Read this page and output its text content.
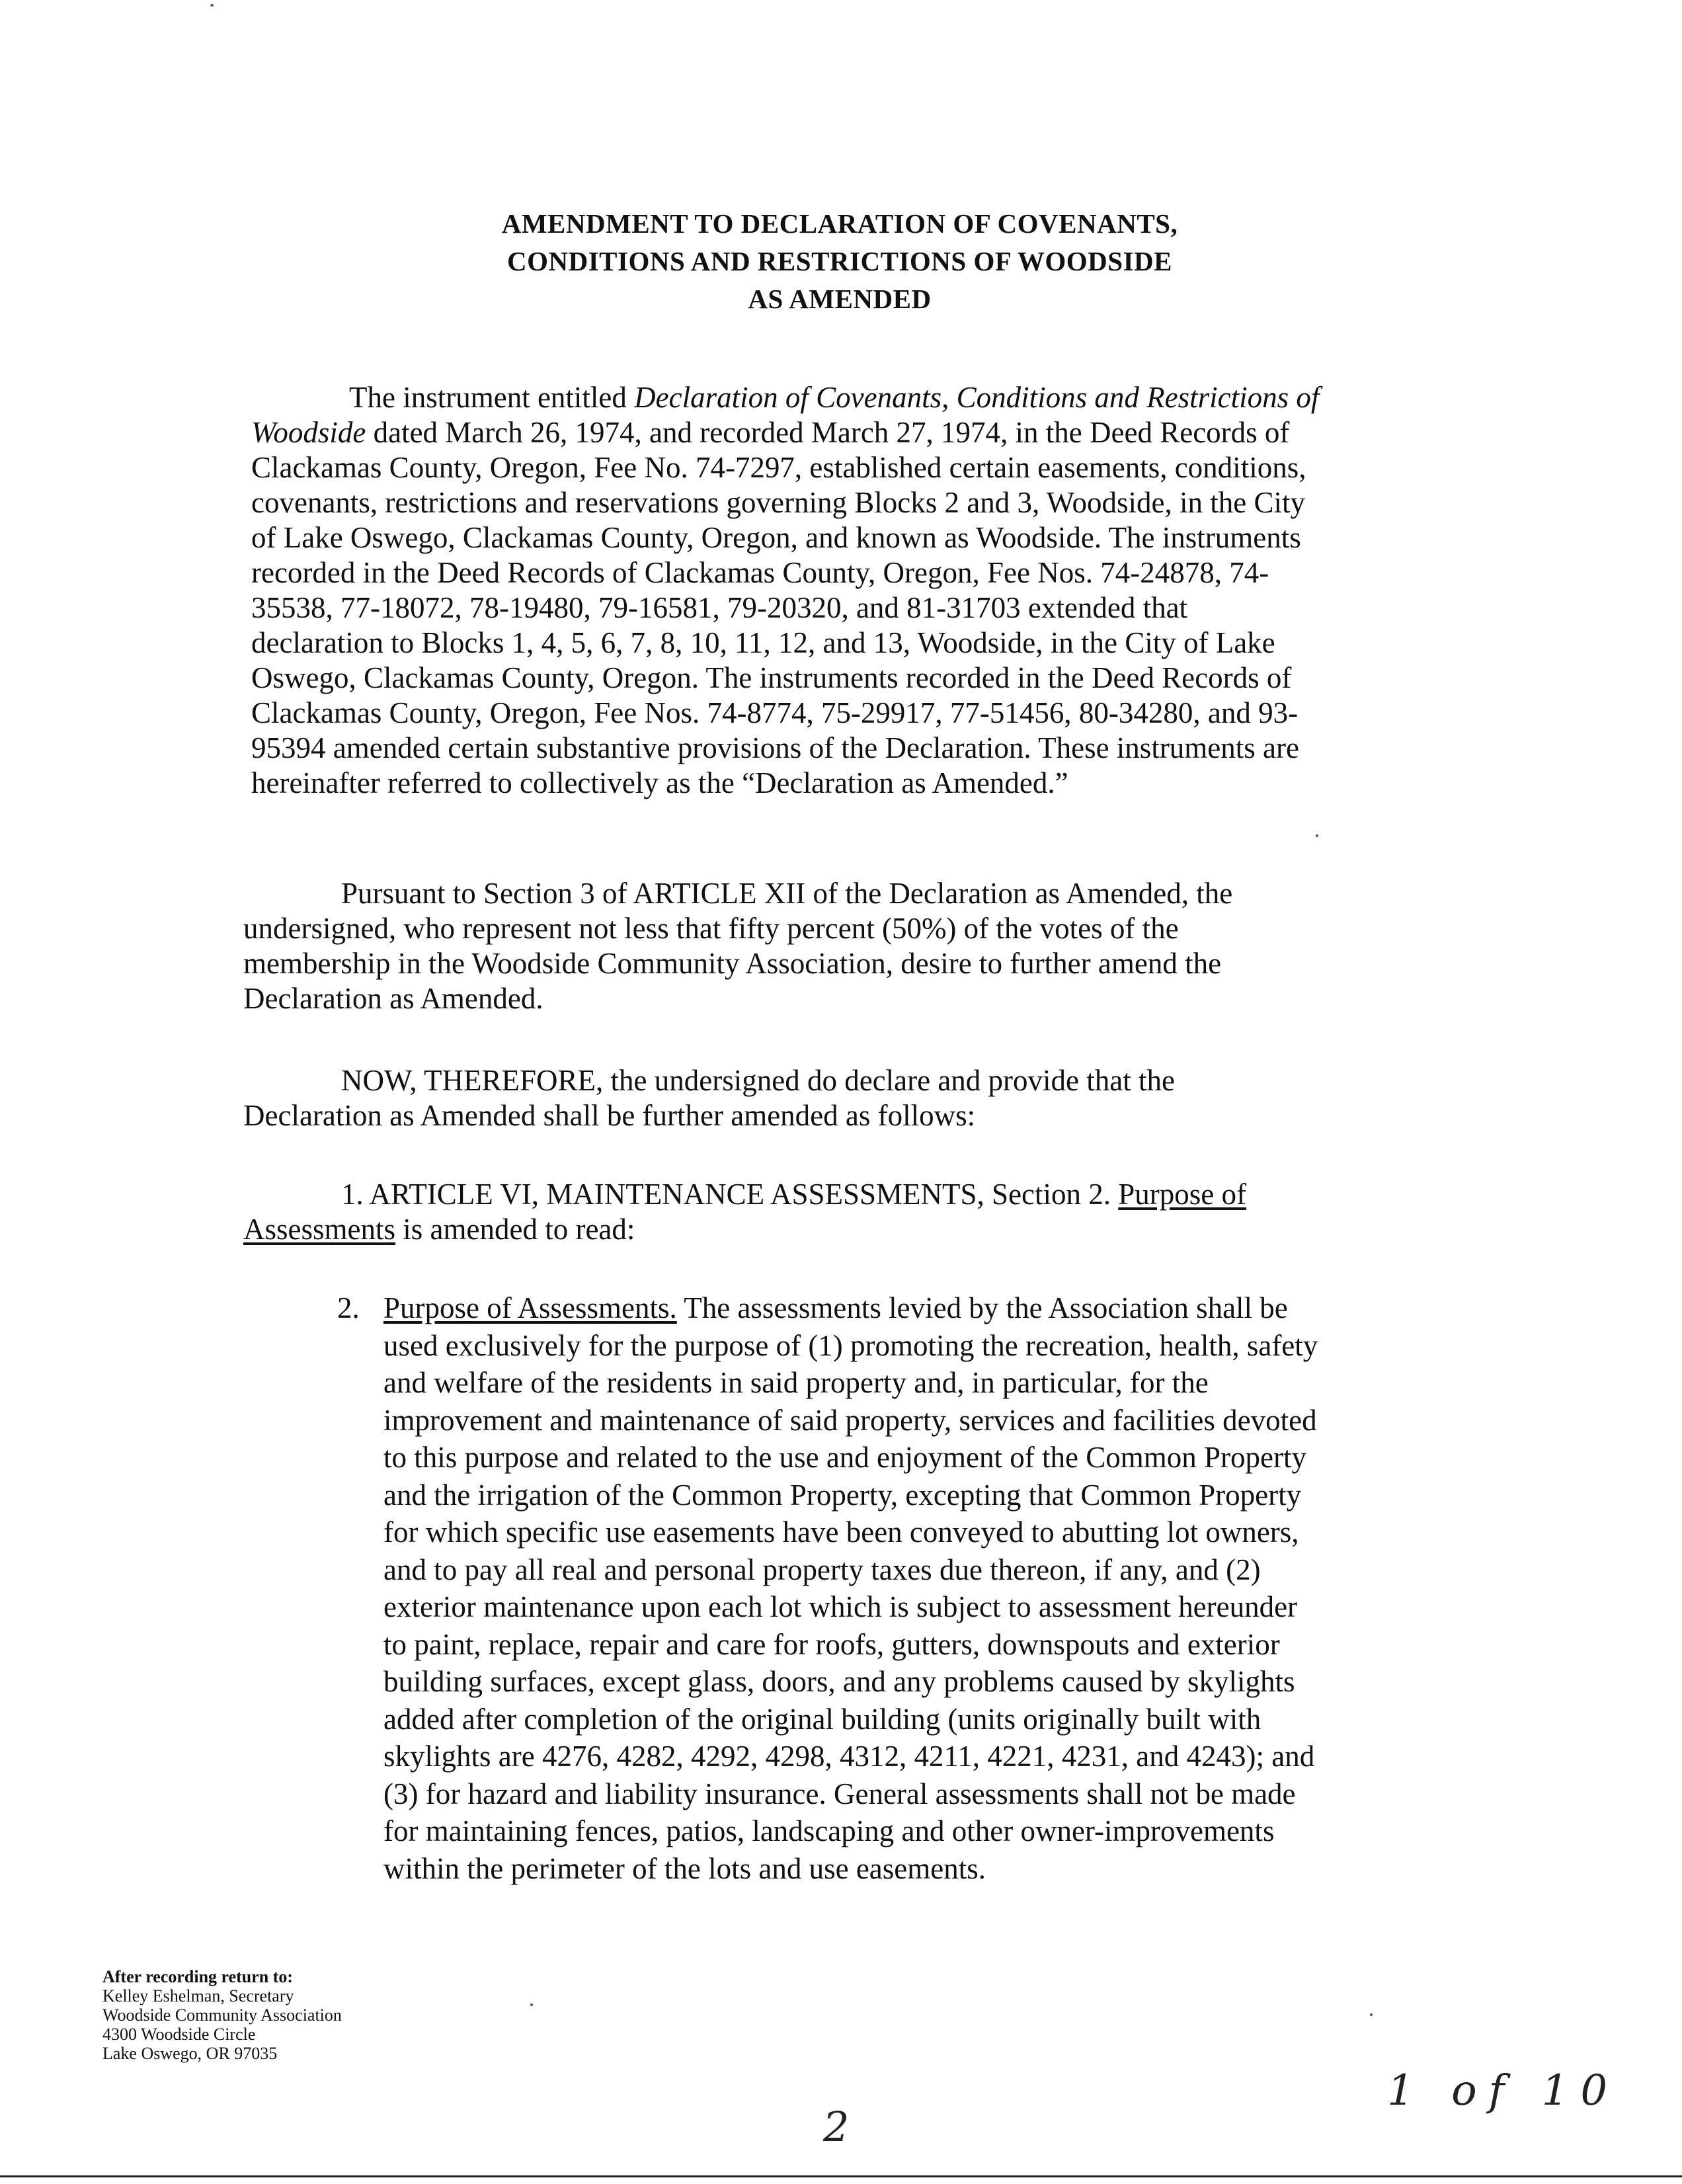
AMENDMENT TO DECLARATION OF COVENANTS,
CONDITIONS AND RESTRICTIONS OF WOODSIDE
AS AMENDED
The instrument entitled Declaration of Covenants, Conditions and Restrictions of
Woodside dated March 26, 1974, and recorded March 27, 1974, in the Deed Records of
Clackamas County, Oregon, Fee No. 74-7297, established certain easements, conditions,
covenants, restrictions and reservations governing Blocks 2 and 3, Woodside, in the City
of Lake Oswego, Clackamas County, Oregon, and known as Woodside. The instruments
recorded in the Deed Records of Clackamas County, Oregon, Fee Nos. 74-24878, 74-
35538, 77-18072, 78-19480, 79-16581, 79-20320, and 81-31703 extended that
declaration to Blocks 1, 4, 5, 6, 7, 8, 10, 11, 12, and 13, Woodside, in the City of Lake
Oswego, Clackamas County, Oregon. The instruments recorded in the Deed Records of
Clackamas County, Oregon, Fee Nos. 74-8774, 75-29917, 77-51456, 80-34280, and 93-
95394 amended certain substantive provisions of the Declaration. These instruments are
hereinafter referred to collectively as the “Declaration as Amended.”
Pursuant to Section 3 of ARTICLE XII of the Declaration as Amended, the
undersigned, who represent not less that fifty percent (50%) of the votes of the
membership in the Woodside Community Association, desire to further amend the
Declaration as Amended.
NOW, THEREFORE, the undersigned do declare and provide that the
Declaration as Amended shall be further amended as follows:
1. ARTICLE VI, MAINTENANCE ASSESSMENTS, Section 2. Purpose of
Assessments is amended to read:
2. Purpose of Assessments. The assessments levied by the Association shall be
used exclusively for the purpose of (1) promoting the recreation, health, safety
and welfare of the residents in said property and, in particular, for the
improvement and maintenance of said property, services and facilities devoted
to this purpose and related to the use and enjoyment of the Common Property
and the irrigation of the Common Property, excepting that Common Property
for which specific use easements have been conveyed to abutting lot owners,
and to pay all real and personal property taxes due thereon, if any, and (2)
exterior maintenance upon each lot which is subject to assessment hereunder
to paint, replace, repair and care for roofs, gutters, downspouts and exterior
building surfaces, except glass, doors, and any problems caused by skylights
added after completion of the original building (units originally built with
skylights are 4276, 4282, 4292, 4298, 4312, 4211, 4221, 4231, and 4243); and
(3) for hazard and liability insurance. General assessments shall not be made
for maintaining fences, patios, landscaping and other owner-improvements
within the perimeter of the lots and use easements.
After recording return to:
Kelley Eshelman, Secretary
Woodside Community Association
4300 Woodside Circle
Lake Oswego, OR 97035
2
1 of 10
